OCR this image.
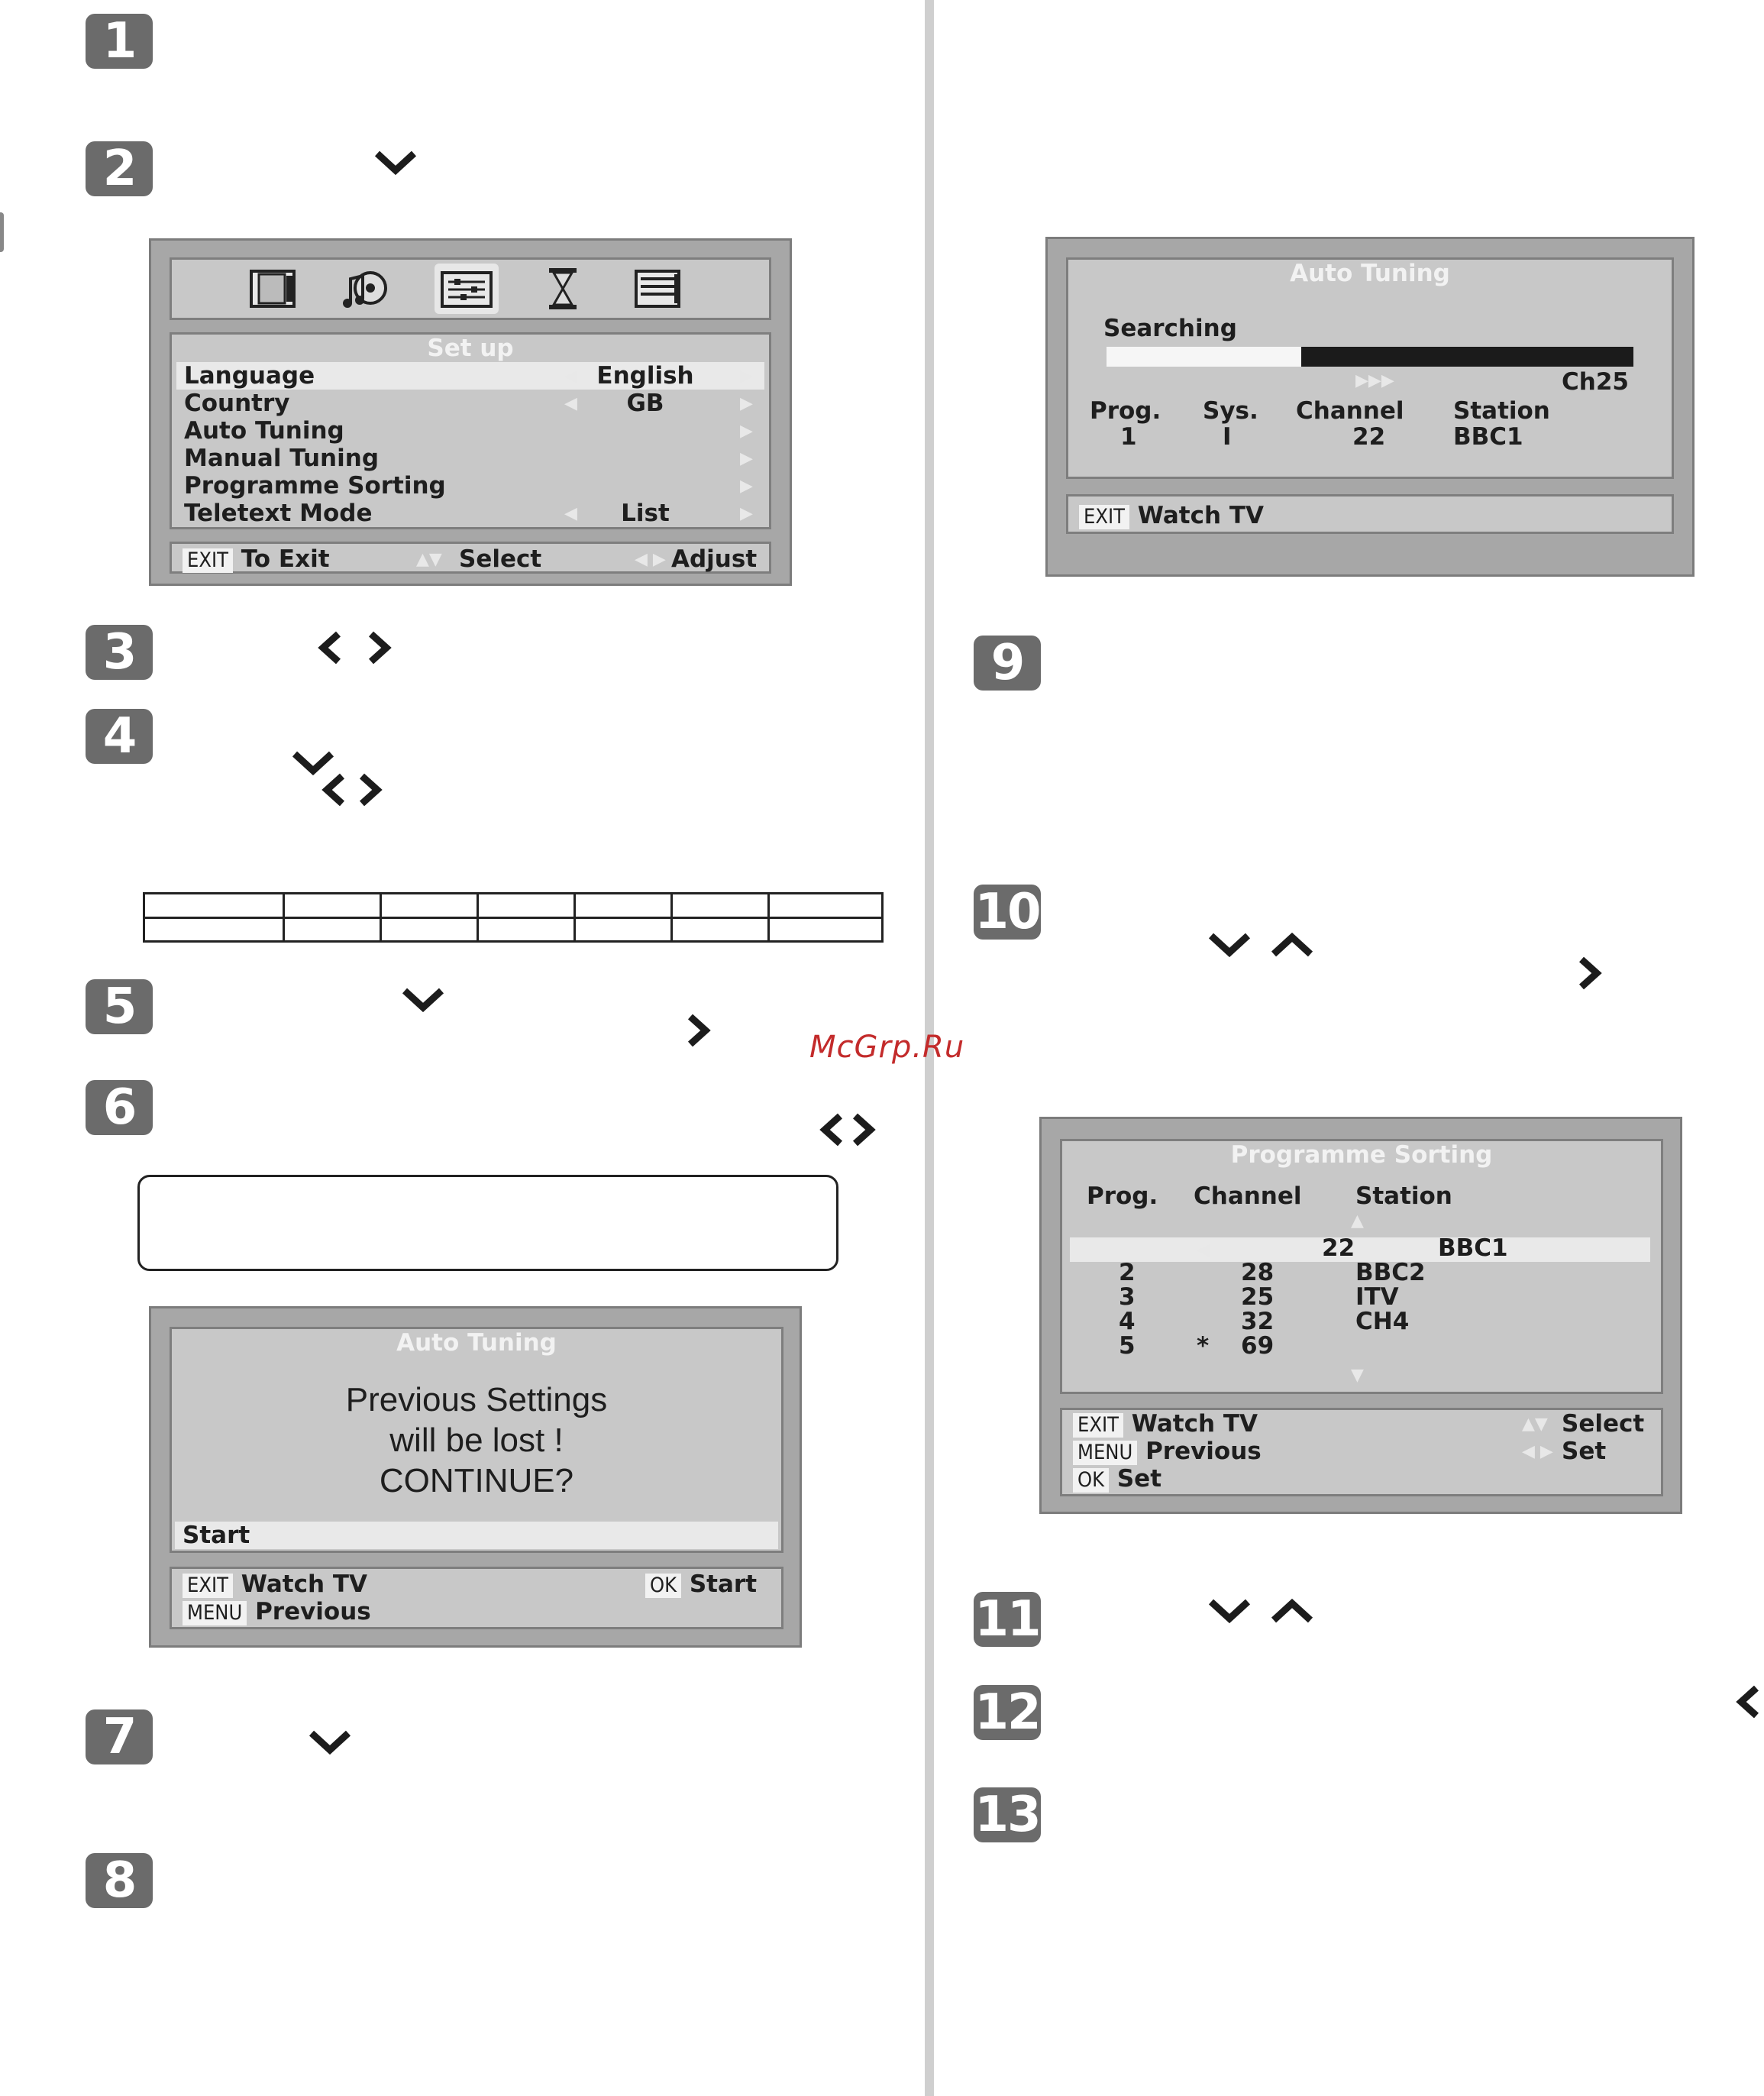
1
2
Set up
Language	◀ English	▶
Country	◀	GB	▶
Auto Tuning	▶
Manual Tuning	▶
Programme Sorting	▶
Teletext Mode	◀	List	▶
EXIT To Exit	▲▼ Select	◀ ▶ Adjust
3
4

5
6
Auto Tuning
Previous Settings
will be lost !
CONTINUE?
Start
EXIT Watch TV	OK Start
MENU Previous
7
8
Auto Tuning
Searching
▶▶▶	Ch25
Prog. Sys. Channel Station
1	I	22	BBC1
EXIT Watch TV
9
10
McGrp.Ru
Programme Sorting
Prog. Channel Station
▲
◀	22	BBC1
2	28	BBC2
3	25	ITV
4	32	CH4
5	* 69
▼
EXIT Watch TV
MENU Previous
OK Set
▲▼ Select
◀ ▶ Set
11
12
13
